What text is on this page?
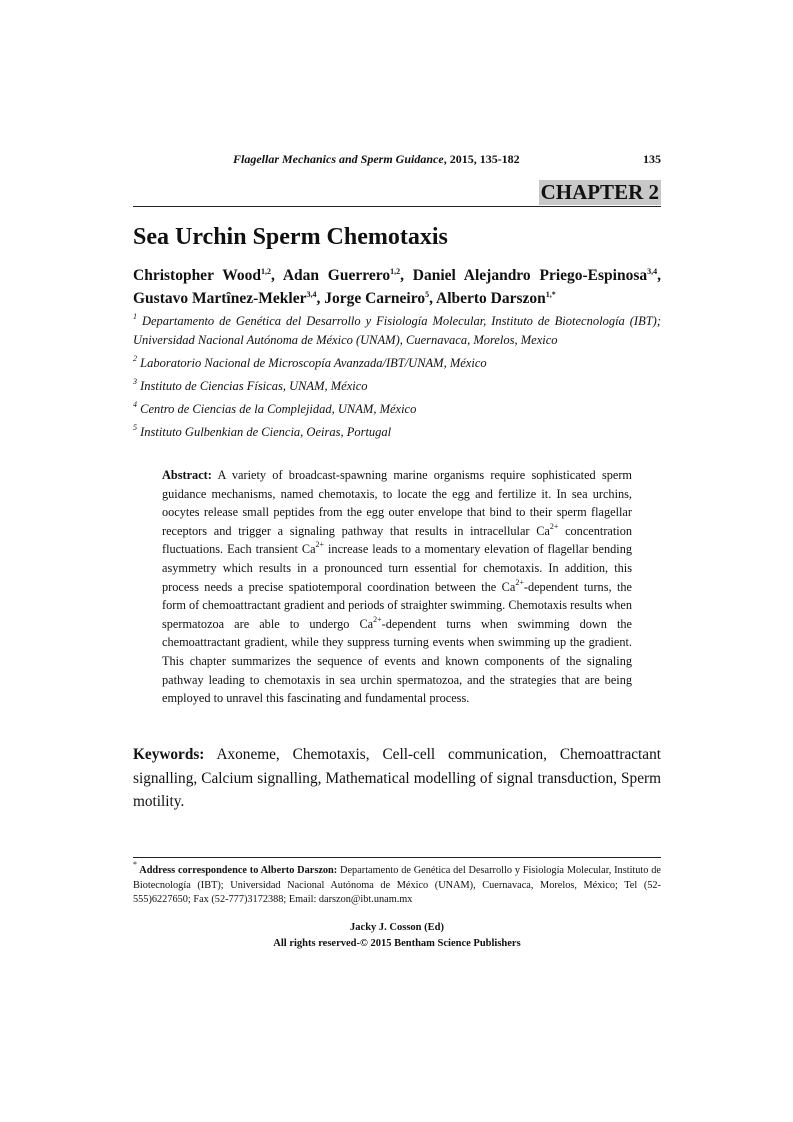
Flagellar Mechanics and Sperm Guidance, 2015, 135-182	135
CHAPTER 2
Sea Urchin Sperm Chemotaxis
Christopher Wood$^{1,2}$, Adan Guerrero$^{1,2}$, Daniel Alejandro Priego-Espinosa$^{3,4}$, Gustavo Martînez-Mekler$^{3,4}$, Jorge Carneiro$^5$, Alberto Darszon$^{1,*}$
$^1$ Departamento de Genética del Desarrollo y Fisiología Molecular, Instituto de Biotecnología (IBT); Universidad Nacional Autónoma de México (UNAM), Cuernavaca, Morelos, Mexico
$^2$ Laboratorio Nacional de Microscopía Avanzada/IBT/UNAM, México
$^3$ Instituto de Ciencias Físicas, UNAM, México
$^4$ Centro de Ciencias de la Complejidad, UNAM, México
$^5$ Instituto Gulbenkian de Ciencia, Oeiras, Portugal
Abstract: A variety of broadcast-spawning marine organisms require sophisticated sperm guidance mechanisms, named chemotaxis, to locate the egg and fertilize it. In sea urchins, oocytes release small peptides from the egg outer envelope that bind to their sperm flagellar receptors and trigger a signaling pathway that results in intracellular $Ca^{2+}$ concentration fluctuations. Each transient $Ca^{2+}$ increase leads to a momentary elevation of flagellar bending asymmetry which results in a pronounced turn essential for chemotaxis. In addition, this process needs a precise spatiotemporal coordination between the $Ca^{2+}$-dependent turns, the form of chemoattractant gradient and periods of straighter swimming. Chemotaxis results when spermatozoa are able to undergo $Ca^{2+}$-dependent turns when swimming down the chemoattractant gradient, while they suppress turning events when swimming up the gradient. This chapter summarizes the sequence of events and known components of the signaling pathway leading to chemotaxis in sea urchin spermatozoa, and the strategies that are being employed to unravel this fascinating and fundamental process.
Keywords: Axoneme, Chemotaxis, Cell-cell communication, Chemoattractant signalling, Calcium signalling, Mathematical modelling of signal transduction, Sperm motility.
* Address correspondence to Alberto Darszon: Departamento de Genética del Desarrollo y Fisiología Molecular, Instituto de Biotecnología (IBT); Universidad Nacional Autónoma de México (UNAM), Cuernavaca, Morelos, México; Tel (52-555)6227650; Fax (52-777)3172388; Email: darszon@ibt.unam.mx
Jacky J. Cosson (Ed)
All rights reserved-© 2015 Bentham Science Publishers
